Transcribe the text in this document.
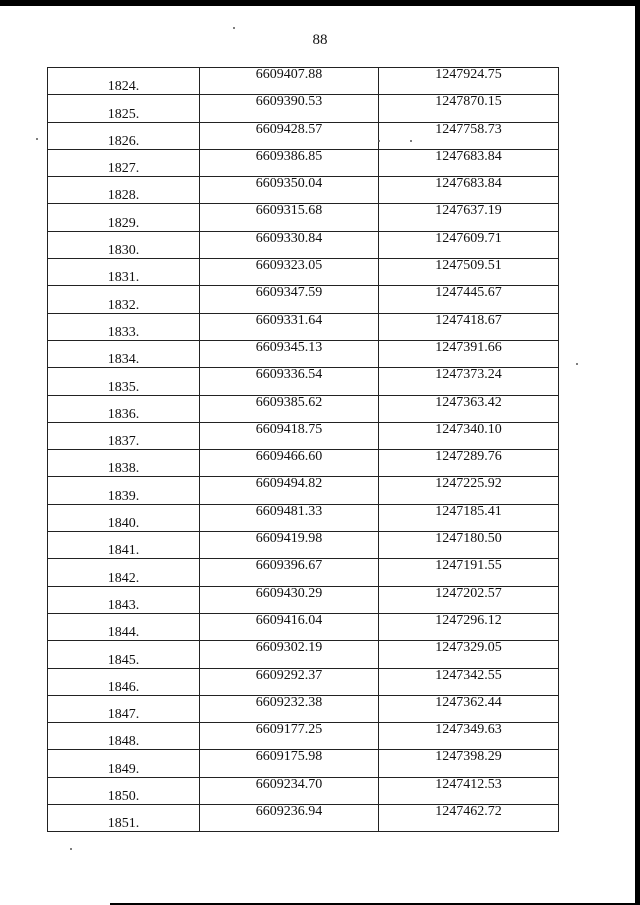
88
1824.	6609407.88	1247924.75
1825.	6609390.53	1247870.15
1826.	6609428.57	1247758.73
1827.	6609386.85	1247683.84
1828.	6609350.04	1247683.84
1829.	6609315.68	1247637.19
1830.	6609330.84	1247609.71
1831.	6609323.05	1247509.51
1832.	6609347.59	1247445.67
1833.	6609331.64	1247418.67
1834.	6609345.13	1247391.66
1835.	6609336.54	1247373.24
1836.	6609385.62	1247363.42
1837.	6609418.75	1247340.10
1838.	6609466.60	1247289.76
1839.	6609494.82	1247225.92
1840.	6609481.33	1247185.41
1841.	6609419.98	1247180.50
1842.	6609396.67	1247191.55
1843.	6609430.29	1247202.57
1844.	6609416.04	1247296.12
1845.	6609302.19	1247329.05
1846.	6609292.37	1247342.55
1847.	6609232.38	1247362.44
1848.	6609177.25	1247349.63
1849.	6609175.98	1247398.29
1850.	6609234.70	1247412.53
1851.	6609236.94	1247462.72
